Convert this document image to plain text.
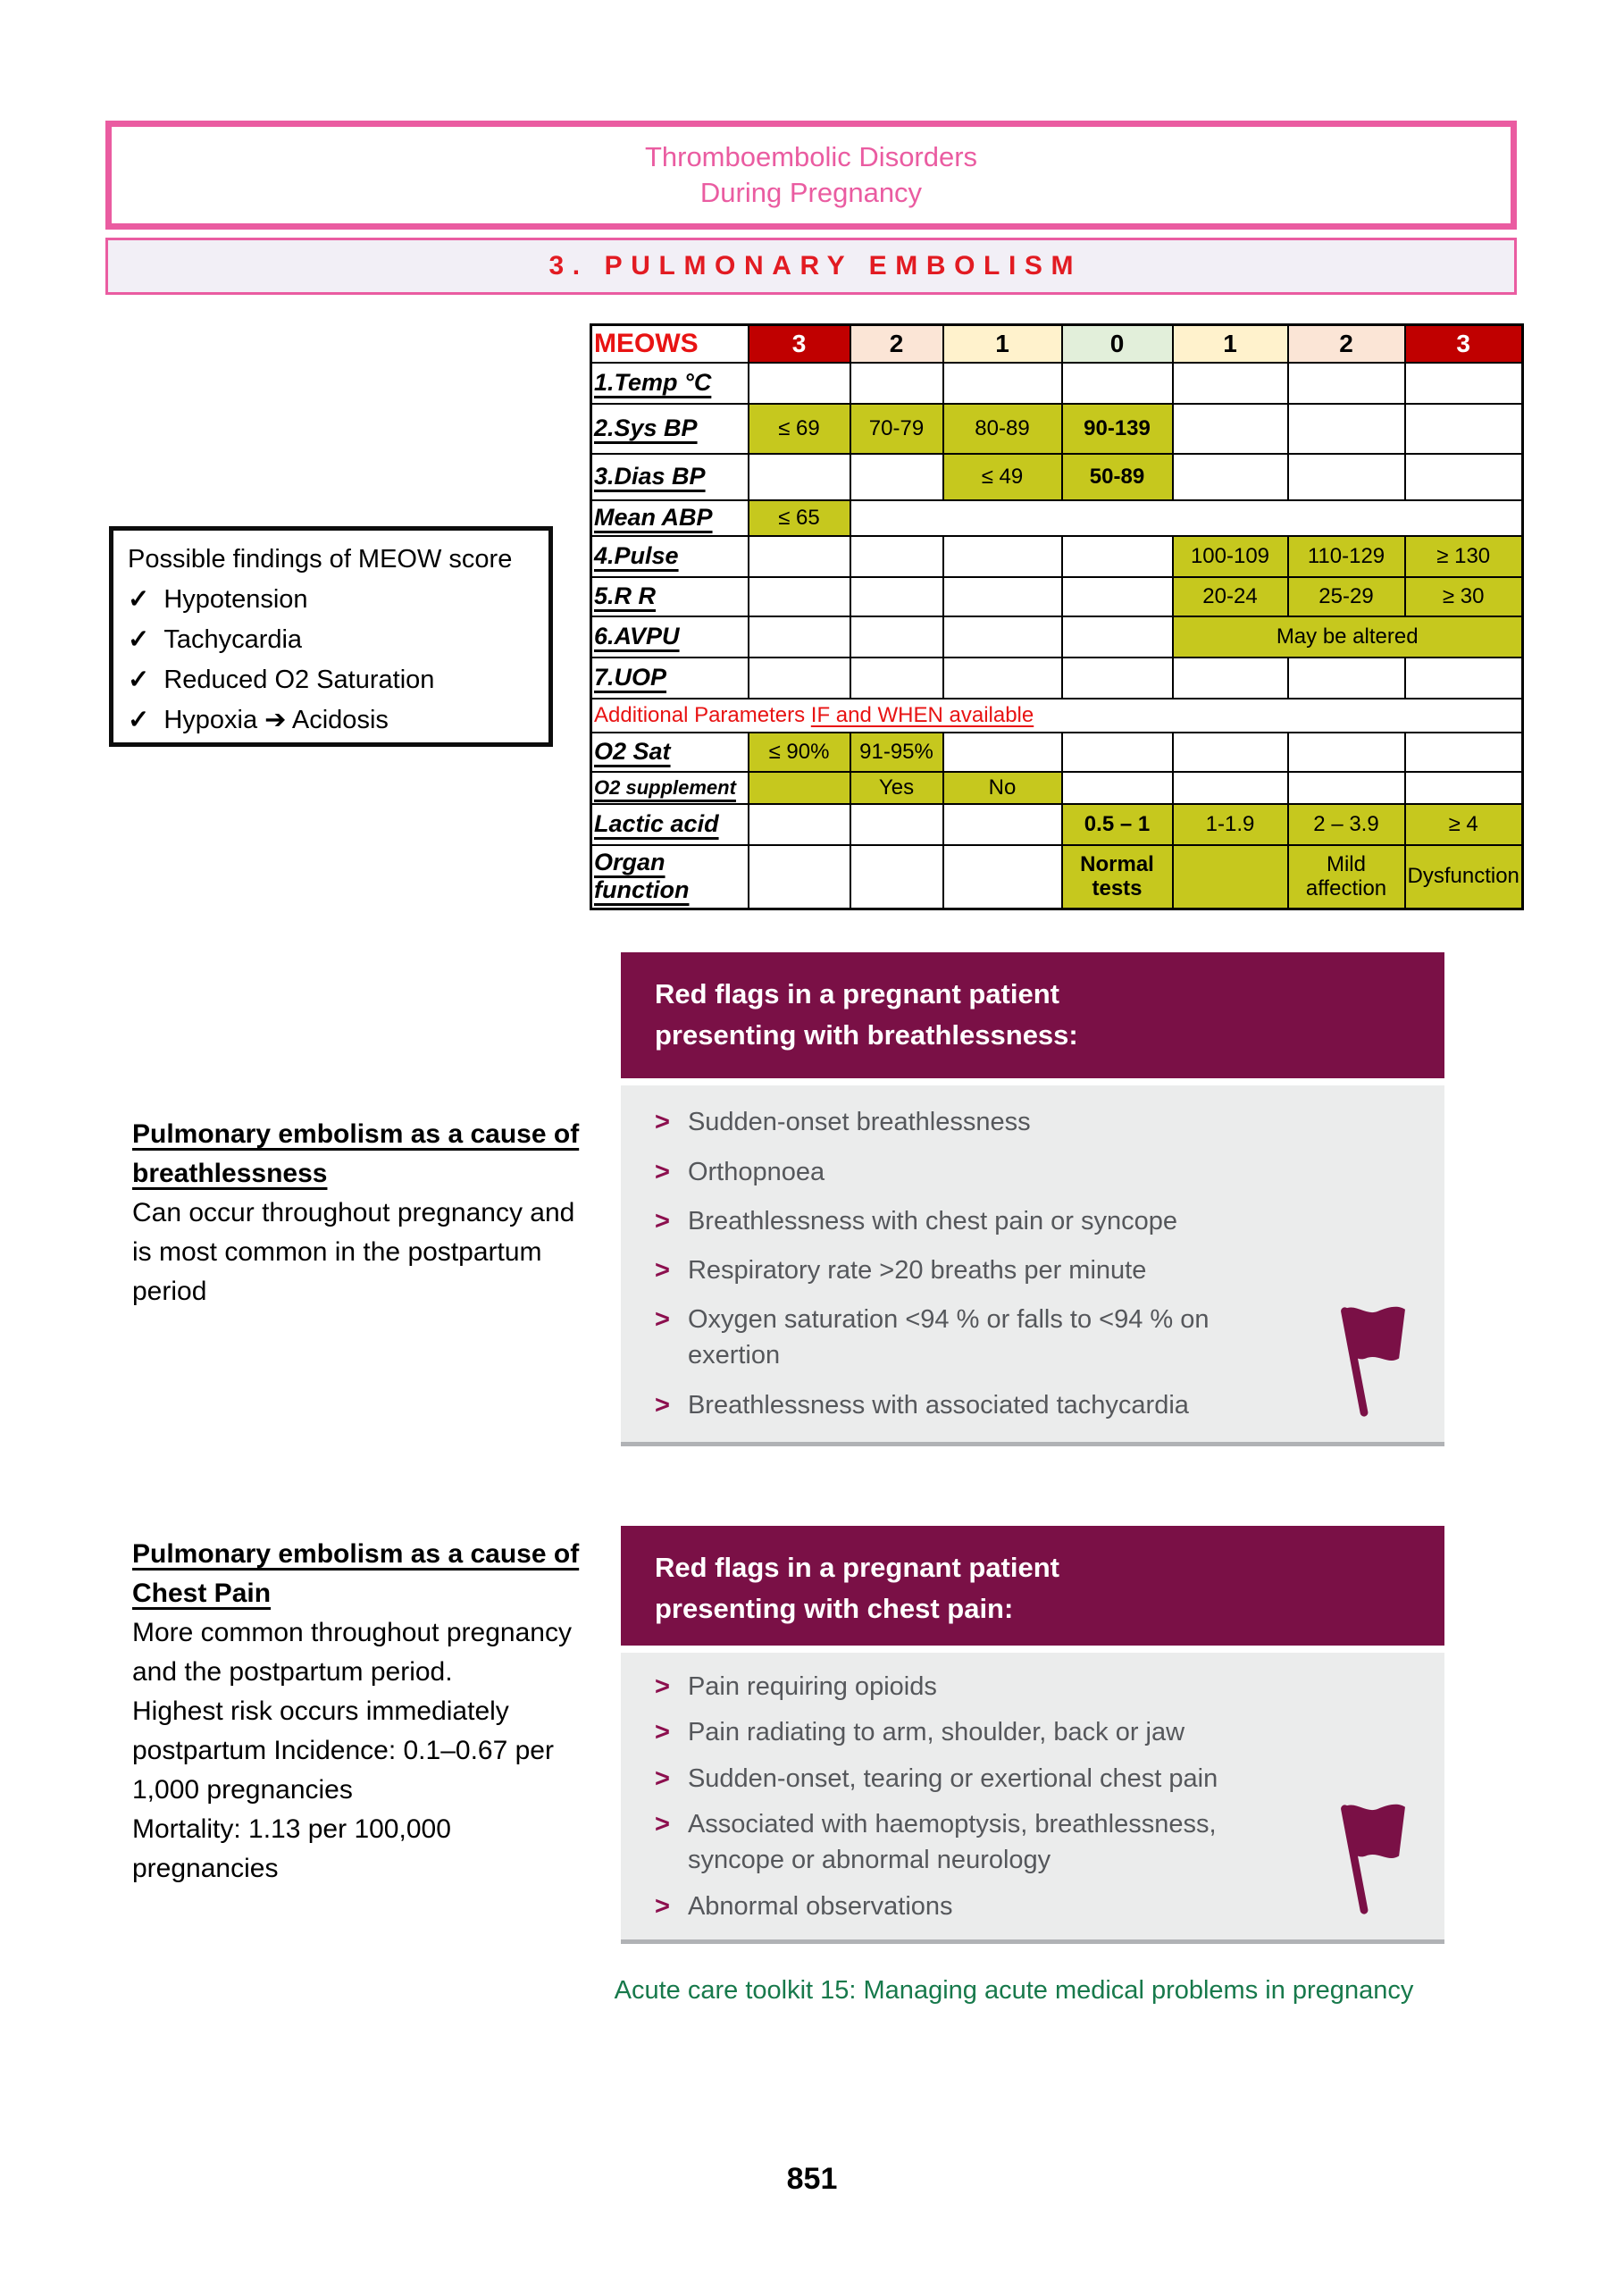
Thromboembolic Disorders
During Pregnancy
3. PULMONARY EMBOLISM
MEOWS	3	2	1	0	1	2	3
1.Temp °C							
2.Sys BP	≤ 69	70-79	80-89	90-139			
3.Dias BP			≤ 49	50-89			
Mean ABP	≤ 65						
4.Pulse					100-109	110-129	≥ 130
5.R R					20-24	25-29	≥ 30
6.AVPU					May be altered		
7.UOP							
Additional Parameters IF and WHEN available							
O2 Sat	≤ 90%	91-95%					
O2 supplement		Yes	No				
Lactic acid				0.5 – 1	1-1.9	2 – 3.9	≥ 4
Organ function				Normal tests		Mild affection	Dysfunction
Possible findings of MEOW score
✓ Hypotension
✓ Tachycardia
✓ Reduced O2 Saturation
✓ Hypoxia ➔ Acidosis
Pulmonary embolism as a cause of breathlessness

Can occur throughout pregnancy and is most common in the postpartum period

Red flags in a pregnant patient presenting with breathlessness:
> Sudden-onset breathlessness
> Orthopnoea
> Breathlessness with chest pain or syncope
> Respiratory rate >20 breaths per minute
> Oxygen saturation <94 % or falls to <94 % on exertion
> Breathlessness with associated tachycardia
Pulmonary embolism as a cause of Chest Pain

More common throughout pregnancy and the postpartum period.

Highest risk occurs immediately postpartum Incidence: 0.1–0.67 per 1,000 pregnancies

Mortality: 1.13 per 100,000 pregnancies

Red flags in a pregnant patient presenting with chest pain:
> Pain requiring opioids
> Pain radiating to arm, shoulder, back or jaw
> Sudden-onset, tearing or exertional chest pain
> Associated with haemoptysis, breathlessness, syncope or abnormal neurology
> Abnormal observations
Acute care toolkit 15: Managing acute medical problems in pregnancy
851
